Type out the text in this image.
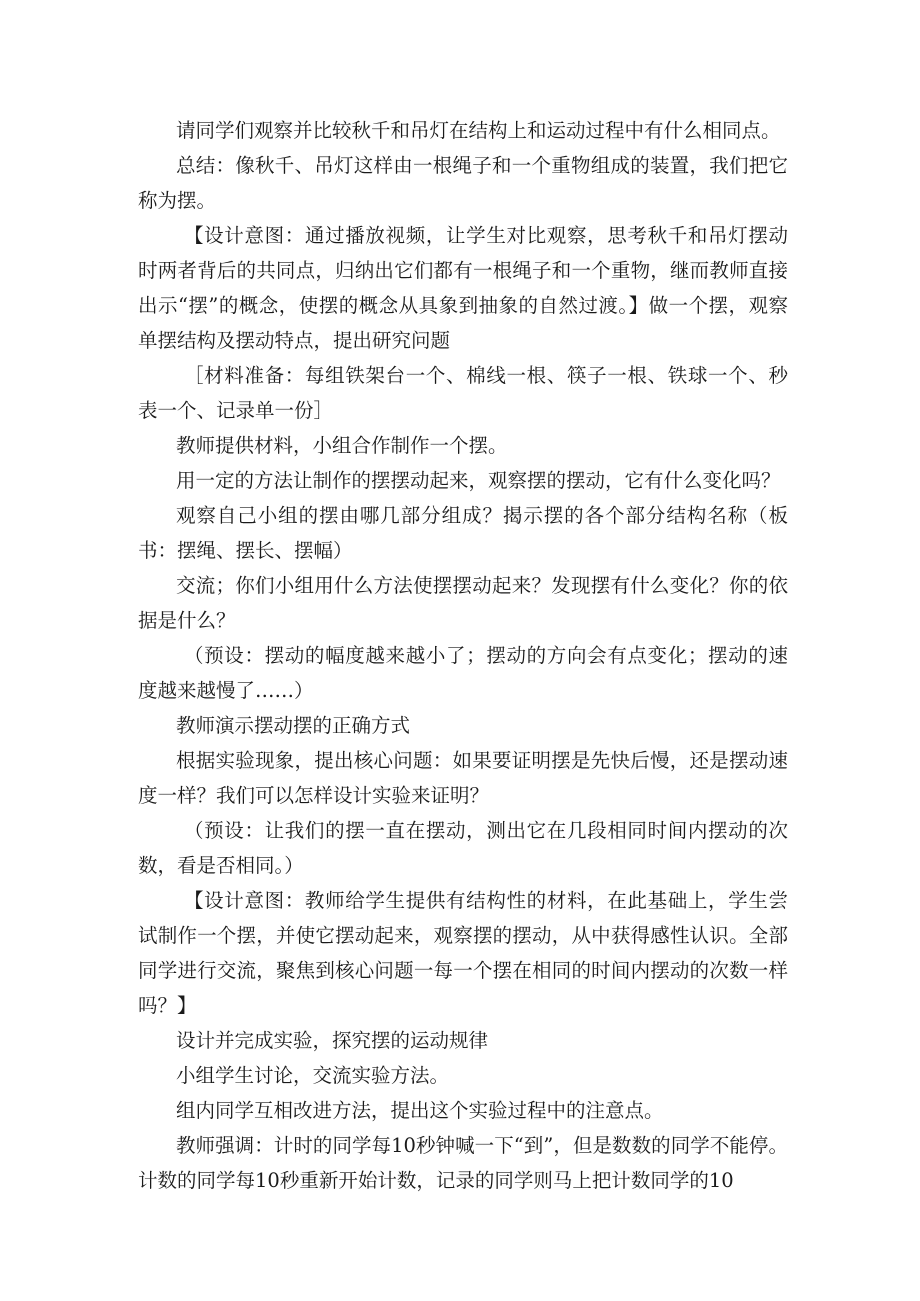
请同学们观察并比较秋千和吊灯在结构上和运动过程中有什么相同点。

总结：像秋千、吊灯这样由一根绳子和一个重物组成的装置，我们把它称为摆。

【设计意图：通过播放视频，让学生对比观察，思考秋千和吊灯摆动时两者背后的共同点，归纳出它们都有一根绳子和一个重物，继而教师直接出示“摆”的概念，使摆的概念从具象到抽象的自然过渡。】做一个摆，观察单摆结构及摆动特点，提出研究问题

［材料准备：每组铁架台一个、棉线一根、筷子一根、铁球一个、秒表一个、记录单一份］

教师提供材料，小组合作制作一个摆。

用一定的方法让制作的摆摆动起来，观察摆的摆动，它有什么变化吗？

观察自己小组的摆由哪几部分组成？揭示摆的各个部分结构名称（板书：摆绳、摆长、摆幅）

交流；你们小组用什么方法使摆摆动起来？发现摆有什么变化？你的依据是什么？

（预设：摆动的幅度越来越小了；摆动的方向会有点变化；摆动的速度越来越慢了……）

教师演示摆动摆的正确方式

根据实验现象，提出核心问题：如果要证明摆是先快后慢，还是摆动速度一样？我们可以怎样设计实验来证明？

（预设：让我们的摆一直在摆动，测出它在几段相同时间内摆动的次数，看是否相同。）

【设计意图：教师给学生提供有结构性的材料，在此基础上，学生尝试制作一个摆，并使它摆动起来，观察摆的摆动，从中获得感性认识。全部同学进行交流，聚焦到核心问题一每一个摆在相同的时间内摆动的次数一样吗？】

设计并完成实验，探究摆的运动规律

小组学生讨论，交流实验方法。

组内同学互相改进方法，提出这个实验过程中的注意点。

教师强调：计时的同学每10秒钟喊一下“到”，但是数数的同学不能停。计数的同学每10秒重新开始计数，记录的同学则马上把计数同学的10
